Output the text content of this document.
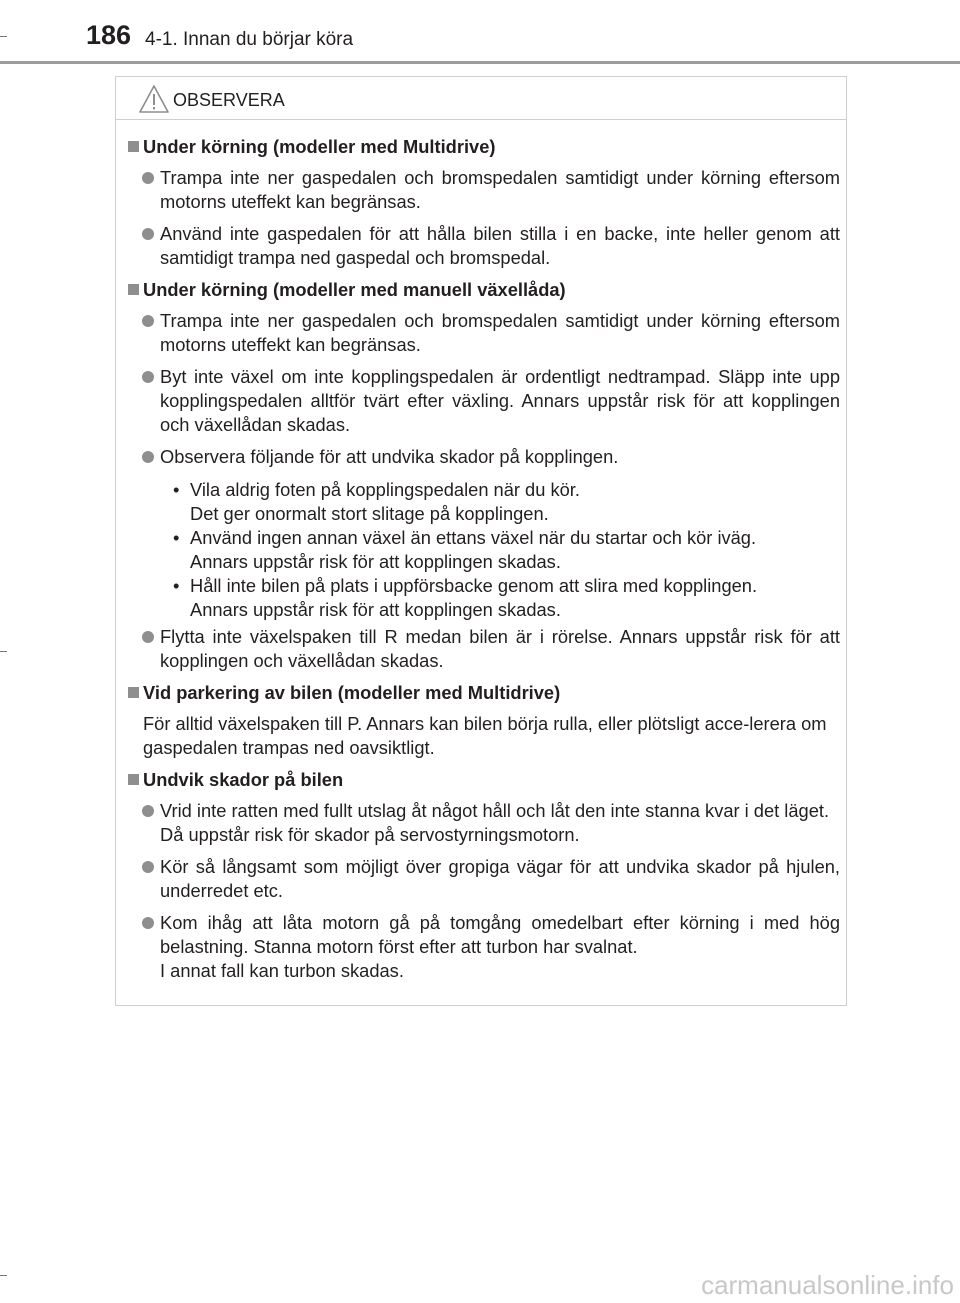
186 4-1. Innan du börjar köra
OBSERVERA
Under körning (modeller med Multidrive)
Trampa inte ner gaspedalen och bromspedalen samtidigt under körning eftersom motorns uteffekt kan begränsas.
Använd inte gaspedalen för att hålla bilen stilla i en backe, inte heller genom att samtidigt trampa ned gaspedal och bromspedal.
Under körning (modeller med manuell växellåda)
Trampa inte ner gaspedalen och bromspedalen samtidigt under körning eftersom motorns uteffekt kan begränsas.
Byt inte växel om inte kopplingspedalen är ordentligt nedtrampad. Släpp inte upp kopplingspedalen alltför tvärt efter växling. Annars uppstår risk för att kopplingen och växellådan skadas.
Observera följande för att undvika skador på kopplingen.
• Vila aldrig foten på kopplingspedalen när du kör.
Det ger onormalt stort slitage på kopplingen.
• Använd ingen annan växel än ettans växel när du startar och kör iväg.
Annars uppstår risk för att kopplingen skadas.
• Håll inte bilen på plats i uppförsbacke genom att slira med kopplingen.
Annars uppstår risk för att kopplingen skadas.
Flytta inte växelspaken till R medan bilen är i rörelse. Annars uppstår risk för att kopplingen och växellådan skadas.
Vid parkering av bilen (modeller med Multidrive)
För alltid växelspaken till P. Annars kan bilen börja rulla, eller plötsligt acce-lerera om gaspedalen trampas ned oavsiktligt.
Undvik skador på bilen
Vrid inte ratten med fullt utslag åt något håll och låt den inte stanna kvar i det läget.
Då uppstår risk för skador på servostyrningsmotorn.
Kör så långsamt som möjligt över gropiga vägar för att undvika skador på hjulen, underredet etc.
Kom ihåg att låta motorn gå på tomgång omedelbart efter körning i med hög belastning. Stanna motorn först efter att turbon har svalnat.
I annat fall kan turbon skadas.
carmanualsonline.info
